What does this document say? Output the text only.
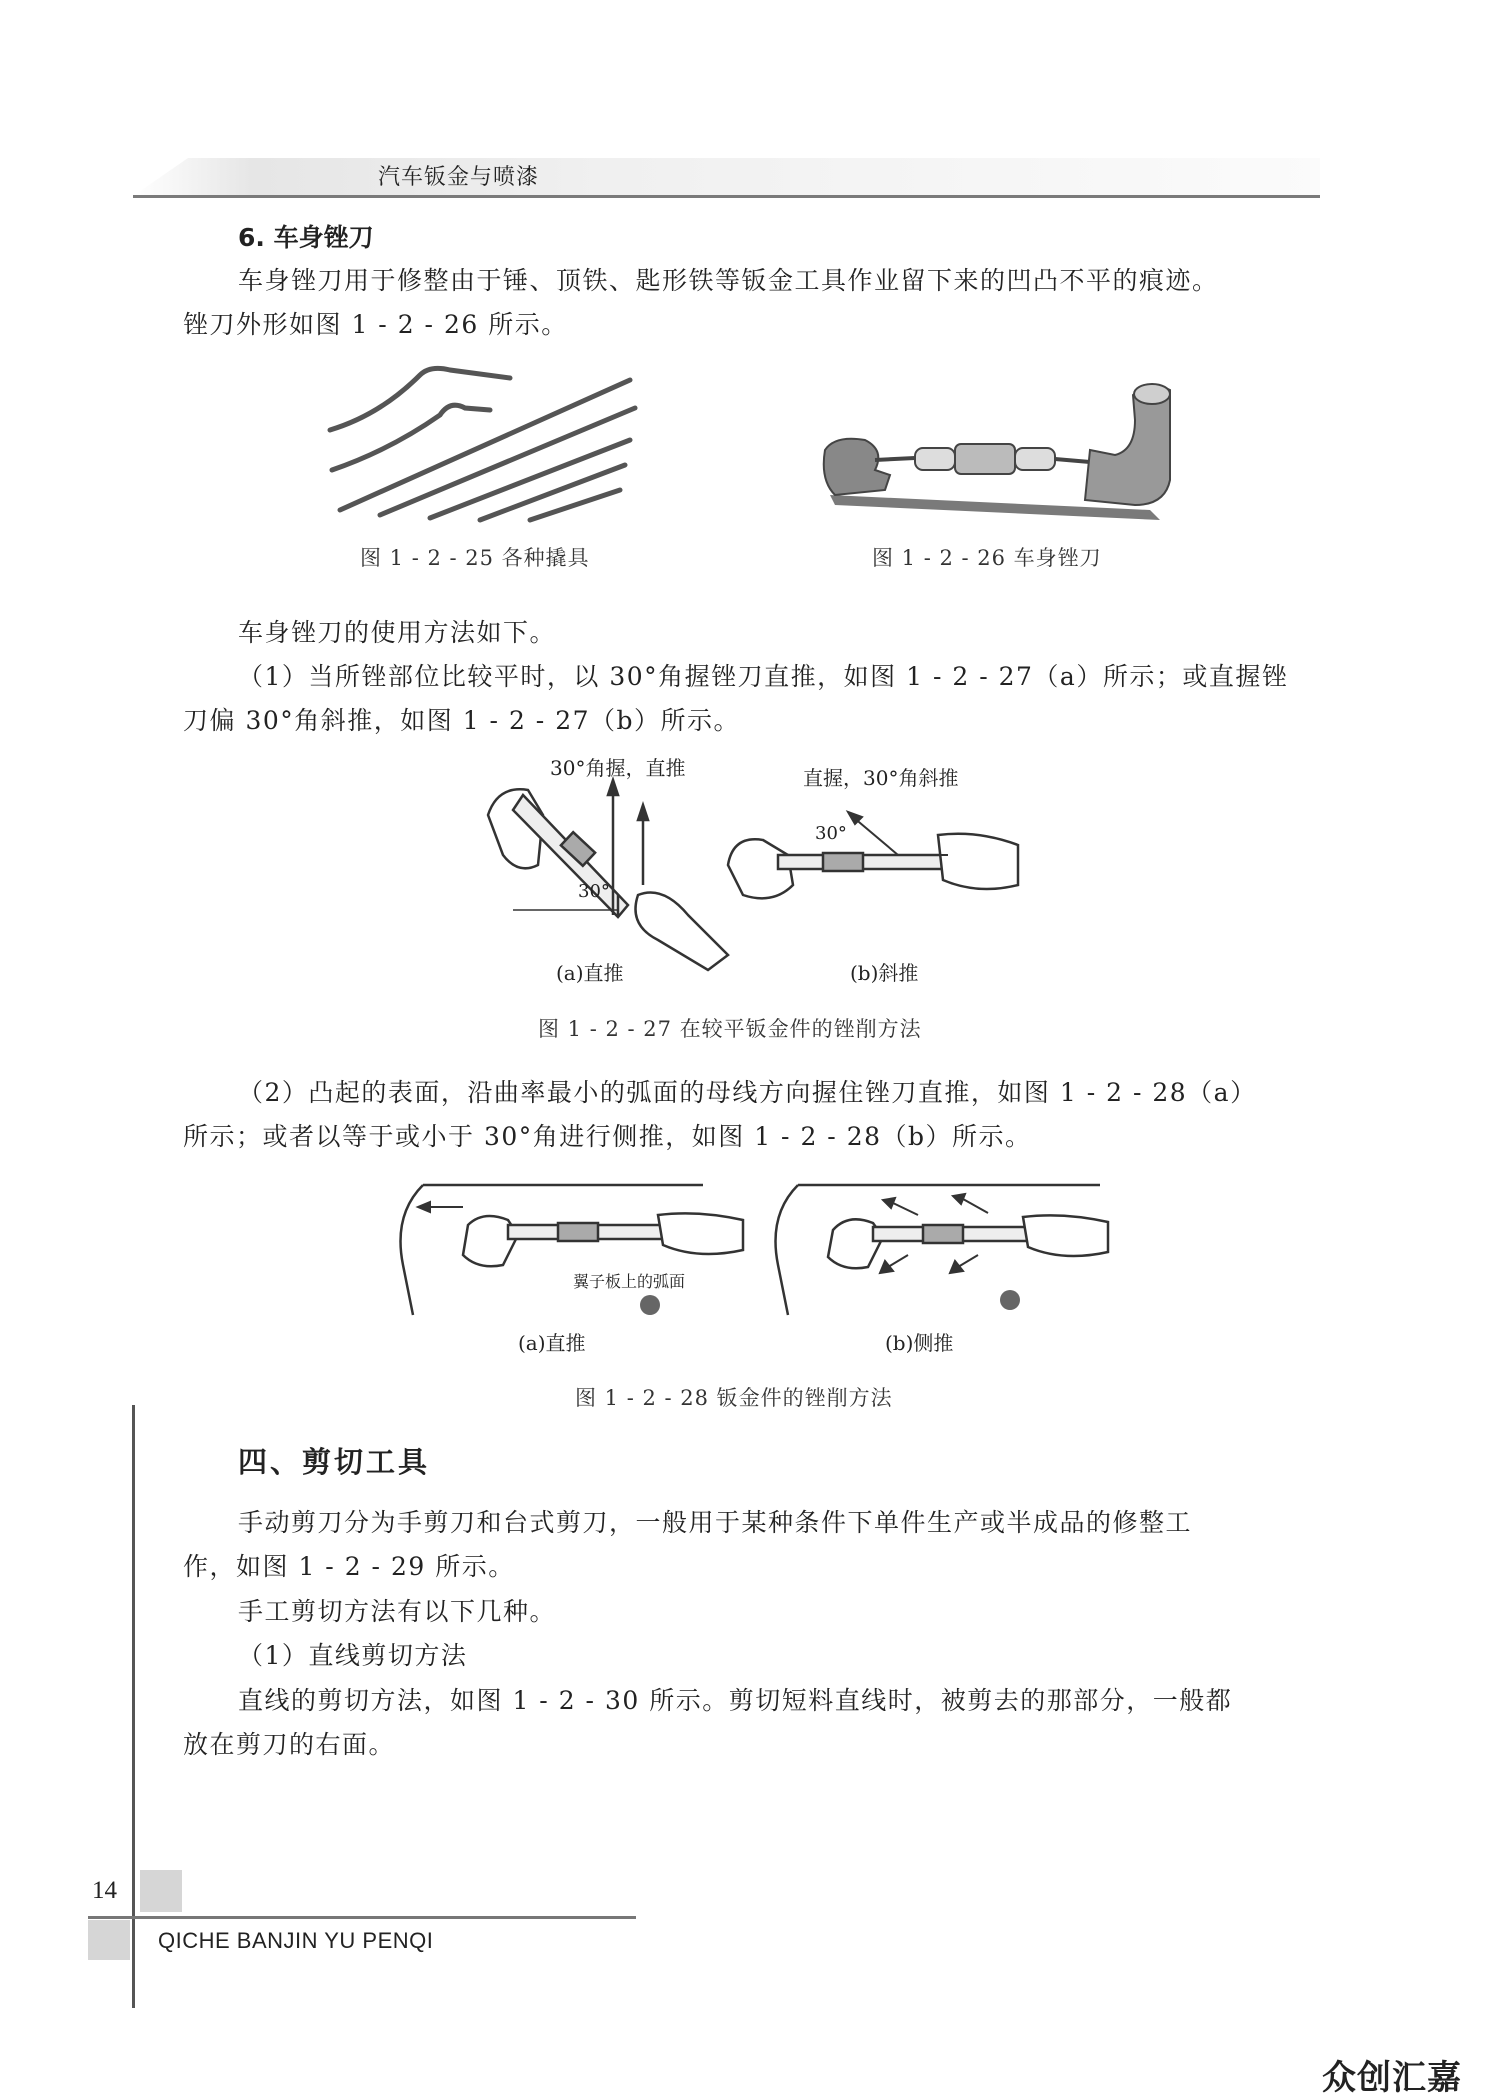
汽车钣金与喷漆
6. 车身锉刀
车身锉刀用于修整由于锤、顶铁、匙形铁等钣金工具作业留下来的凹凸不平的痕迹。
锉刀外形如图 1 - 2 - 26 所示。
图 1 - 2 - 25 各种撬具	图 1 - 2 - 26 车身锉刀
车身锉刀的使用方法如下。
（1）当所锉部位比较平时，以 30°角握锉刀直推，如图 1 - 2 - 27（a）所示；或直握锉
刀偏 30°角斜推，如图 1 - 2 - 27（b）所示。
30°角握，直推
30°
直握，30°角斜推
30°
(a)直推	(b)斜推
图 1 - 2 - 27 在较平钣金件的锉削方法
（2）凸起的表面，沿曲率最小的弧面的母线方向握住锉刀直推，如图 1 - 2 - 28（a）
所示；或者以等于或小于 30°角进行侧推，如图 1 - 2 - 28（b）所示。
翼子板上的弧面
(a)直推	(b)侧推
图 1 - 2 - 28 钣金件的锉削方法
四、剪切工具
手动剪刀分为手剪刀和台式剪刀，一般用于某种条件下单件生产或半成品的修整工
作，如图 1 - 2 - 29 所示。
手工剪切方法有以下几种。
（1）直线剪切方法
直线的剪切方法，如图 1 - 2 - 30 所示。剪切短料直线时，被剪去的那部分，一般都
放在剪刀的右面。
14
QICHE BANJIN YU PENQI
众创汇嘉
